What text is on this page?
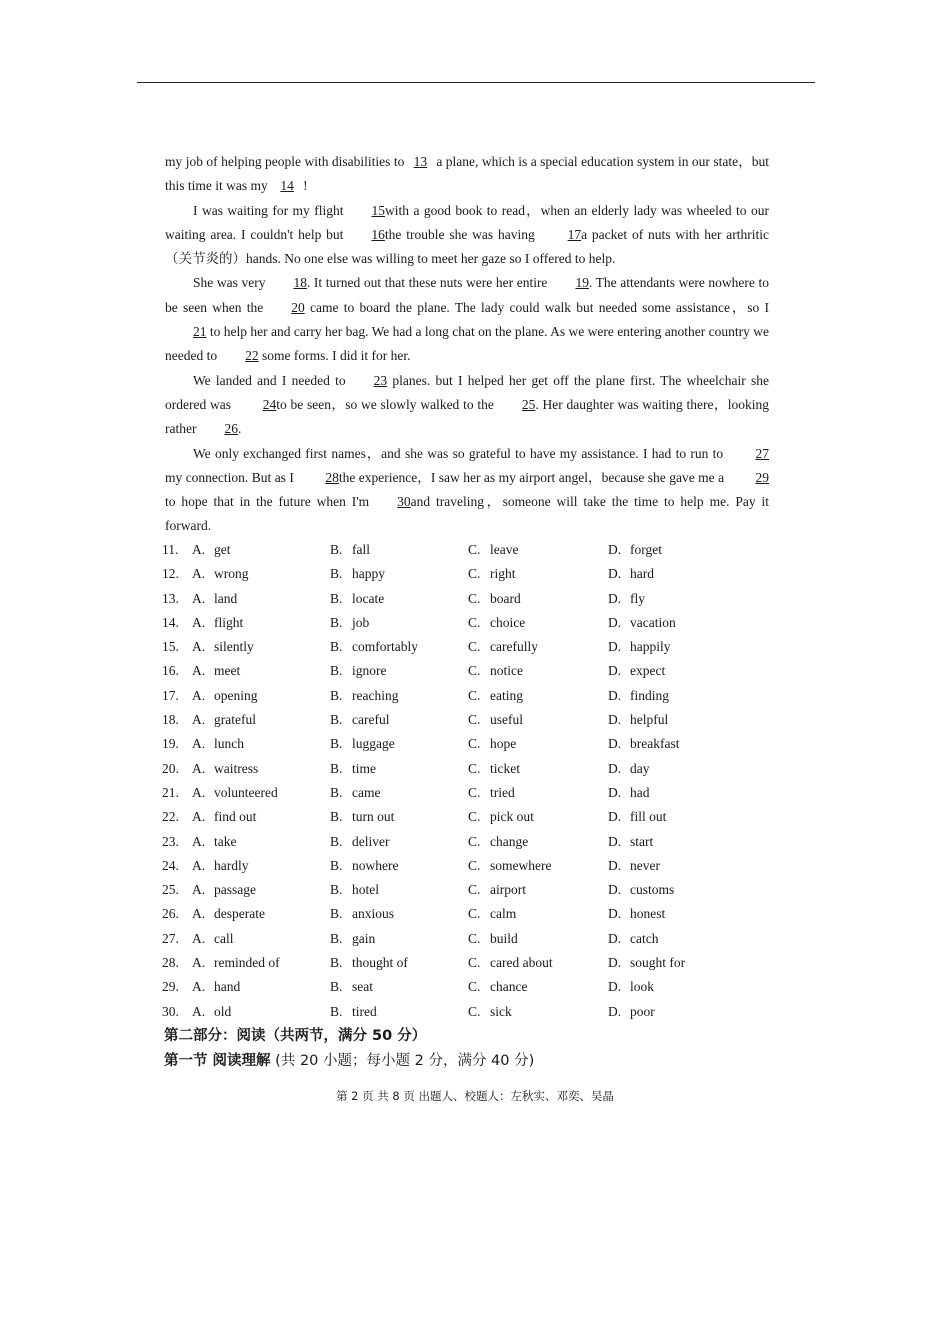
my job of helping people with disabilities to 13 a plane, which is a special education system in our state，but this time it was my 14 !

I was waiting for my flight 15with a good book to read，when an elderly lady was wheeled to our waiting area. I couldn't help but 16the trouble she was having 17a packet of nuts with her arthritic（关节炎的）hands. No one else was willing to meet her gaze so I offered to help.

She was very 18. It turned out that these nuts were her entire 19. The attendants were nowhere to be seen when the 20 came to board the plane. The lady could walk but needed some assistance，so I21 to help her and carry her bag. We had a long chat on the plane. As we were entering another country we needed to 22 some forms. I did it for her.

We landed and I needed to 23 planes. but I helped her get off the plane first. The wheelchair she ordered was 24to be seen，so we slowly walked to the 25. Her daughter was waiting there，looking rather 26.

We only exchanged first names，and she was so grateful to have my assistance. I had to run to 27 my connection. But as I 28the experience，I saw her as my airport angel，because she gave me a 29 to hope that in the future when I'm 30and traveling，someone will take the time to help me. Pay it forward.

11.	A. get	B. fall	C. leave	D. forget
12. A. wrong	B. happy	C. right	D. hard
13. A. land	B. locate	C. board	D. fly
14. A. flight	B. job	C. choice	D. vacation
15. A. silently	B. comfortably	C. carefully	D. happily
16. A. meet	B. ignore	C. notice	D. expect
17. A. opening	B. reaching	C. eating	D. finding
18. A. grateful	B. careful	C. useful	D. helpful
19. A. lunch	B. luggage	C. hope	D. breakfast
20. A. waitress	B. time	C. ticket	D. day
21. A. volunteered	B. came	C. tried	D. had
22. A. find out	B. turn out	C. pick out	D. fill out
23. A. take	B. deliver	C. change	D. start
24. A. hardly	B. nowhere	C. somewhere	D. never
25. A. passage	B. hotel	C. airport	D. customs
26. A. desperate	B. anxious	C. calm	D. honest
27. A. call	B. gain	C. build	D. catch
28. A. reminded of	B. thought of	C. cared about	D. sought for
29. A. hand	B. seat	C. chance	D. look
30. A. old	B. tired	C. sick	D. poor
第二部分：阅读（共两节，满分 50 分）
第一节 阅读理解 (共 20 小题；每小题 2 分，满分 40 分)
第 2 页 共 8 页 出题人、校题人：左秋实、邓奕、吴晶
